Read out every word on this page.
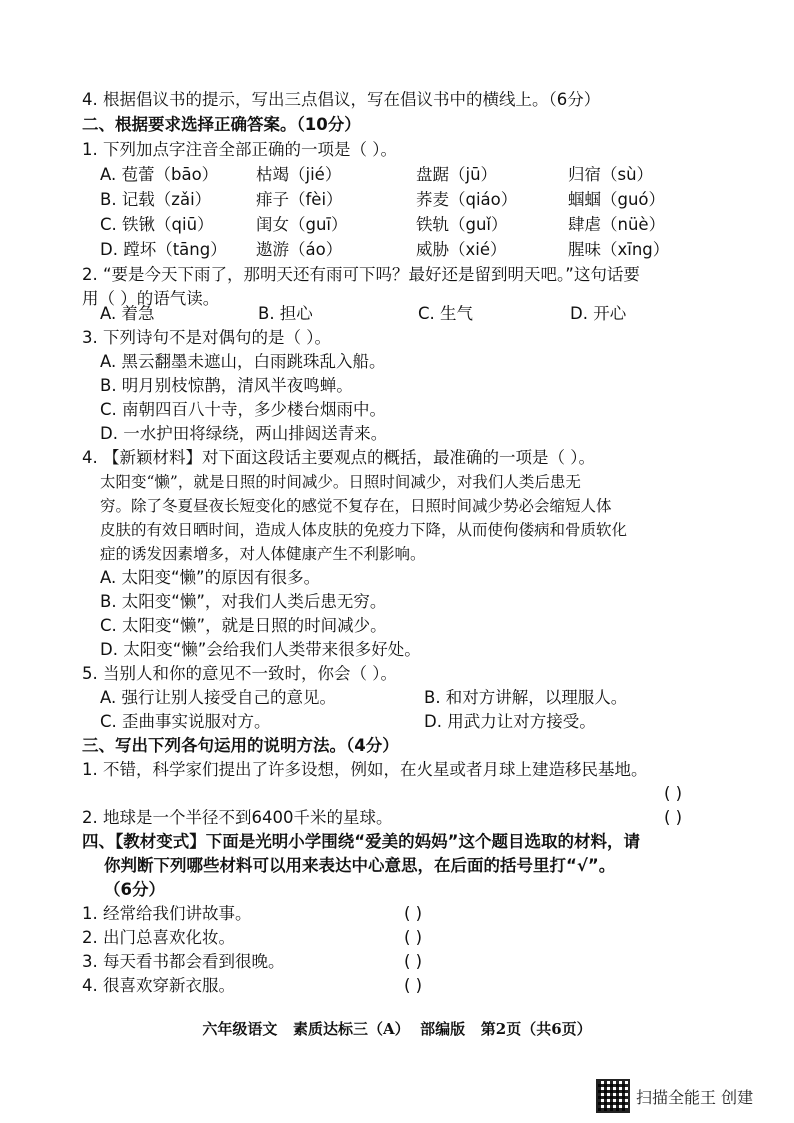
4. 根据倡议书的提示，写出三点倡议，写在倡议书中的横线上。（6分）
二、根据要求选择正确答案。（10分）
1. 下列加点字注音全部正确的一项是（ ）。
A. 苞蕾（bāo） 枯竭（jié）	盘踞（jū）	归宿（sù）
B. 记载（zǎi）	痱子（fèi）	荞麦（qiáo）	蝈蝈（guó）
C. 铁锹（qiū）	闺女（guī）	铁轨（guǐ）	肆虐（nüè）
D. 蹚坏（tāng） 遨游（áo）	威胁（xié）	腥味（xīng）
2. “要是今天下雨了，那明天还有雨可下吗？最好还是留到明天吧。”这句话要
用（ ）的语气读。
A. 着急	B. 担心	C. 生气	D. 开心
3. 下列诗句不是对偶句的是（ ）。
A. 黑云翻墨未遮山，白雨跳珠乱入船。
B. 明月别枝惊鹊，清风半夜鸣蝉。
C. 南朝四百八十寺，多少楼台烟雨中。
D. 一水护田将绿绕，两山排闼送青来。
4. 【新颖材料】对下面这段话主要观点的概括，最准确的一项是（ ）。
太阳变“懒”，就是日照的时间减少。日照时间减少，对我们人类后患无
穷。除了冬夏昼夜长短变化的感觉不复存在，日照时间减少势必会缩短人体
皮肤的有效日晒时间，造成人体皮肤的免疫力下降，从而使佝偻病和骨质软化
症的诱发因素增多，对人体健康产生不利影响。
A. 太阳变“懒”的原因有很多。
B. 太阳变“懒”，对我们人类后患无穷。
C. 太阳变“懒”，就是日照的时间减少。
D. 太阳变“懒”会给我们人类带来很多好处。
5. 当别人和你的意见不一致时，你会（ ）。
A. 强行让别人接受自己的意见。	B. 和对方讲解，以理服人。
C. 歪曲事实说服对方。	D. 用武力让对方接受。
三、写出下列各句运用的说明方法。（4分）
1. 不错，科学家们提出了许多设想，例如，在火星或者月球上建造移民基地。
( )
2. 地球是一个半径不到6400千米的星球。	( )
四、【教材变式】下面是光明小学围绕“爱美的妈妈”这个题目选取的材料，请
你判断下列哪些材料可以用来表达中心意思，在后面的括号里打“√”。
（6分）
1. 经常给我们讲故事。	( )
2. 出门总喜欢化妆。	( )
3. 每天看书都会看到很晚。	( )
4. 很喜欢穿新衣服。	( )
六年级语文   素质达标三（A）  部编版   第2页（共6页）
扫描全能王 创建
